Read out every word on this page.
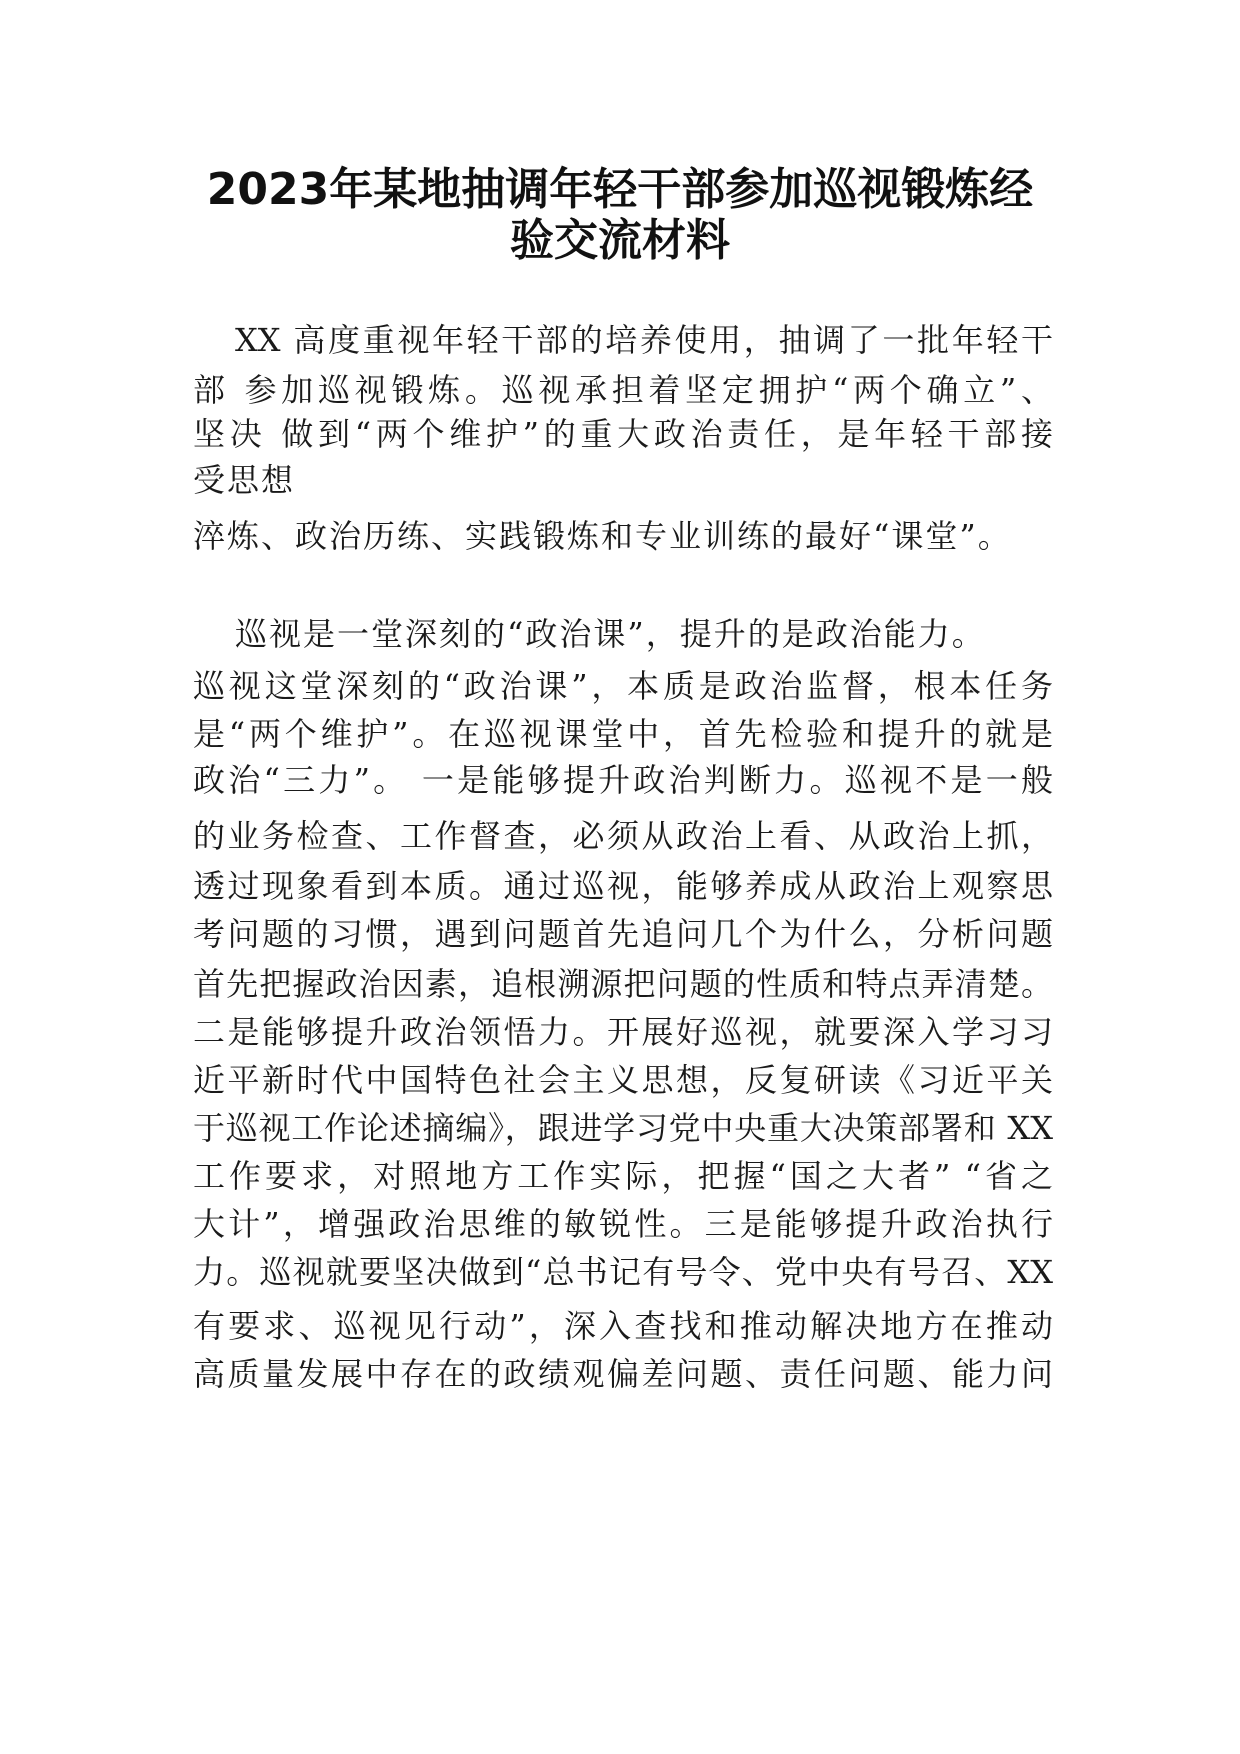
2023年某地抽调年轻干部参加巡视锻炼经
验交流材料
XX 高度重视年轻干部的培养使用，抽调了一批年轻干
部 参加巡视锻炼。巡视承担着坚定拥护“两个确立”、
坚决 做到“两个维护”的重大政治责任，是年轻干部接
受思想
淬炼、政治历练、实践锻炼和专业训练的最好“课堂”。
巡视是一堂深刻的“政治课”，提升的是政治能力。
巡视这堂深刻的“政治课”，本质是政治监督，根本任务
是“两个维护”。在巡视课堂中，首先检验和提升的就是
政治“三力”。 一是能够提升政治判断力。巡视不是一般
的业务检查、工作督查，必须从政治上看、从政治上抓，
透过现象看到本质。通过巡视，能够养成从政治上观察思
考问题的习惯，遇到问题首先追问几个为什么，分析问题
首先把握政治因素，追根溯源把问题的性质和特点弄清楚。
二是能够提升政治领悟力。开展好巡视，就要深入学习习
近平新时代中国特色社会主义思想，反复研读《习近平关
于巡视工作论述摘编》，跟进学习党中央重大决策部署和 XX
工作要求，对照地方工作实际，把握“国之大者” “省之
大计”，增强政治思维的敏锐性。三是能够提升政治执行
力。巡视就要坚决做到“总书记有号令、党中央有号召、XX
有要求、巡视见行动”，深入查找和推动解决地方在推动
高质量发展中存在的政绩观偏差问题、责任问题、能力问
